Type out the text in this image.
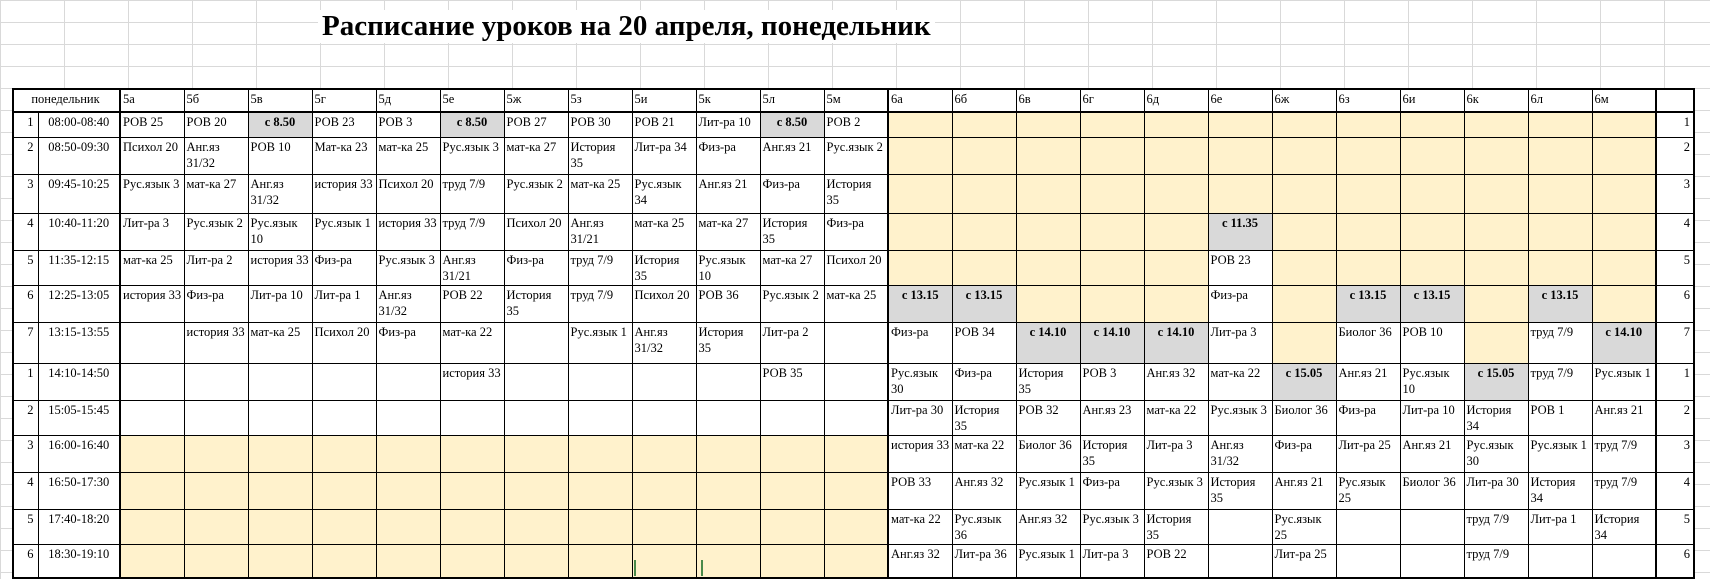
Расписание уроков на 20 апреля, понедельник
понедельник		5а	5б	5в	5г	5д	5е	5ж	5з	5и	5к	5л	5м	6а	6б	6в	6г	6д	6е	6ж	6з	6и	6к	6л	6м	
1	08:00-08:40	РОВ 25	РОВ 20	с 8.50	РОВ 23	РОВ 3	с 8.50	РОВ 27	РОВ 30	РОВ 21	Лит-ра 10	с 8.50	РОВ 2													1
2	08:50-09:30	Психол 20	Анг.яз 31/32	РОВ 10	Мат-ка 23	мат-ка 25	Рус.язык 3	мат-ка 27	История 35	Лит-ра 34	Физ-ра	Анг.яз 21	Рус.язык 2													2
3	09:45-10:25	Рус.язык 3	мат-ка 27	Анг.яз 31/32	история 33	Психол 20	труд 7/9	Рус.язык 2	мат-ка 25	Рус.язык 34	Анг.яз 21	Физ-ра	История 35													3
4	10:40-11:20	Лит-ра 3	Рус.язык 2	Рус.язык 10	Рус.язык 1	история 33	труд 7/9	Психол 20	Анг.яз 31/21	мат-ка 25	мат-ка 27	История 35	Физ-ра						с 11.35							4
5	11:35-12:15	мат-ка 25	Лит-ра 2	история 33	Физ-ра	Рус.язык 3	Анг.яз 31/21	Физ-ра	труд 7/9	История 35	Рус.язык 10	мат-ка 27	Психол 20						РОВ 23							5
6	12:25-13:05	история 33	Физ-ра	Лит-ра 10	Лит-ра 1	Анг.яз 31/32	РОВ 22	История 35	труд 7/9	Психол 20	РОВ 36	Рус.язык 2	мат-ка 25	с 13.15	с 13.15				Физ-ра		с 13.15	с 13.15		с 13.15		6
7	13:15-13:55		история 33	мат-ка 25	Психол 20	Физ-ра	мат-ка 22		Рус.язык 1	Анг.яз 31/32	История 35	Лит-ра 2		Физ-ра	РОВ 34	с 14.10	с 14.10	с 14.10	Лит-ра 3		Биолог 36	РОВ 10		труд 7/9	с 14.10	7
1	14:10-14:50						история 33					РОВ 35		Рус.язык 30	Физ-ра	История 35	РОВ 3	Анг.яз 32	мат-ка 22	с 15.05	Анг.яз 21	Рус.язык 10	с 15.05	труд 7/9	Рус.язык 1	1
2	15:05-15:45													Лит-ра 30	История 35	РОВ 32	Анг.яз 23	мат-ка 22	Рус.язык 3	Биолог 36	Физ-ра	Лит-ра 10	История 34	РОВ 1	Анг.яз 21	2
3	16:00-16:40													история 33	мат-ка 22	Биолог 36	История 35	Лит-ра 3	Анг.яз 31/32	Физ-ра	Лит-ра 25	Анг.яз 21	Рус.язык 30	Рус.язык 1	труд 7/9	3
4	16:50-17:30													РОВ 33	Анг.яз 32	Рус.язык 1	Физ-ра	Рус.язык 3	История 35	Анг.яз 21	Рус.язык 25	Биолог 36	Лит-ра 30	История 34	труд 7/9	4
5	17:40-18:20													мат-ка 22	Рус.язык 36	Анг.яз 32	Рус.язык 3	История 35		Рус.язык 25			труд 7/9	Лит-ра 1	История 34	5
6	18:30-19:10													Анг.яз 32	Лит-ра 36	Рус.язык 1	Лит-ра 3	РОВ 22		Лит-ра 25			труд 7/9			6
